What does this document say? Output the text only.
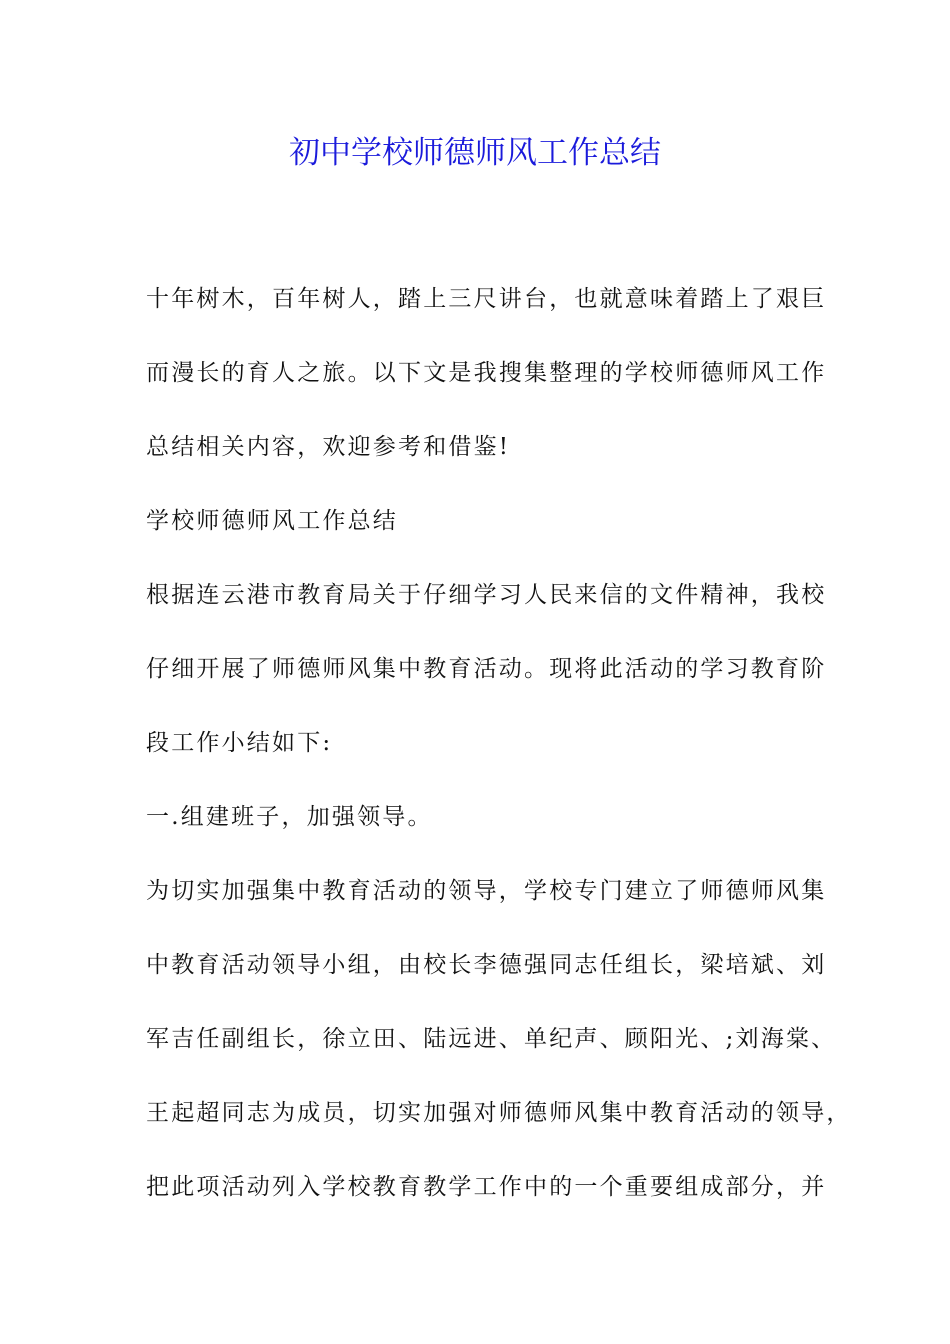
初中学校师德师风工作总结
十年树木，百年树人，踏上三尺讲台，也就意味着踏上了艰巨
而漫长的育人之旅。以下文是我搜集整理的学校师德师风工作
总结相关内容，欢迎参考和借鉴!
学校师德师风工作总结
根据连云港市教育局关于仔细学习人民来信的文件精神，我校
仔细开展了师德师风集中教育活动。现将此活动的学习教育阶
段工作小结如下:
一.组建班子，加强领导。
为切实加强集中教育活动的领导，学校专门建立了师德师风集
中教育活动领导小组，由校长李德强同志任组长，梁培斌、刘
军吉任副组长，徐立田、陆远进、单纪声、顾阳光、;刘海棠、
王起超同志为成员，切实加强对师德师风集中教育活动的领导，
把此项活动列入学校教育教学工作中的一个重要组成部分，并
